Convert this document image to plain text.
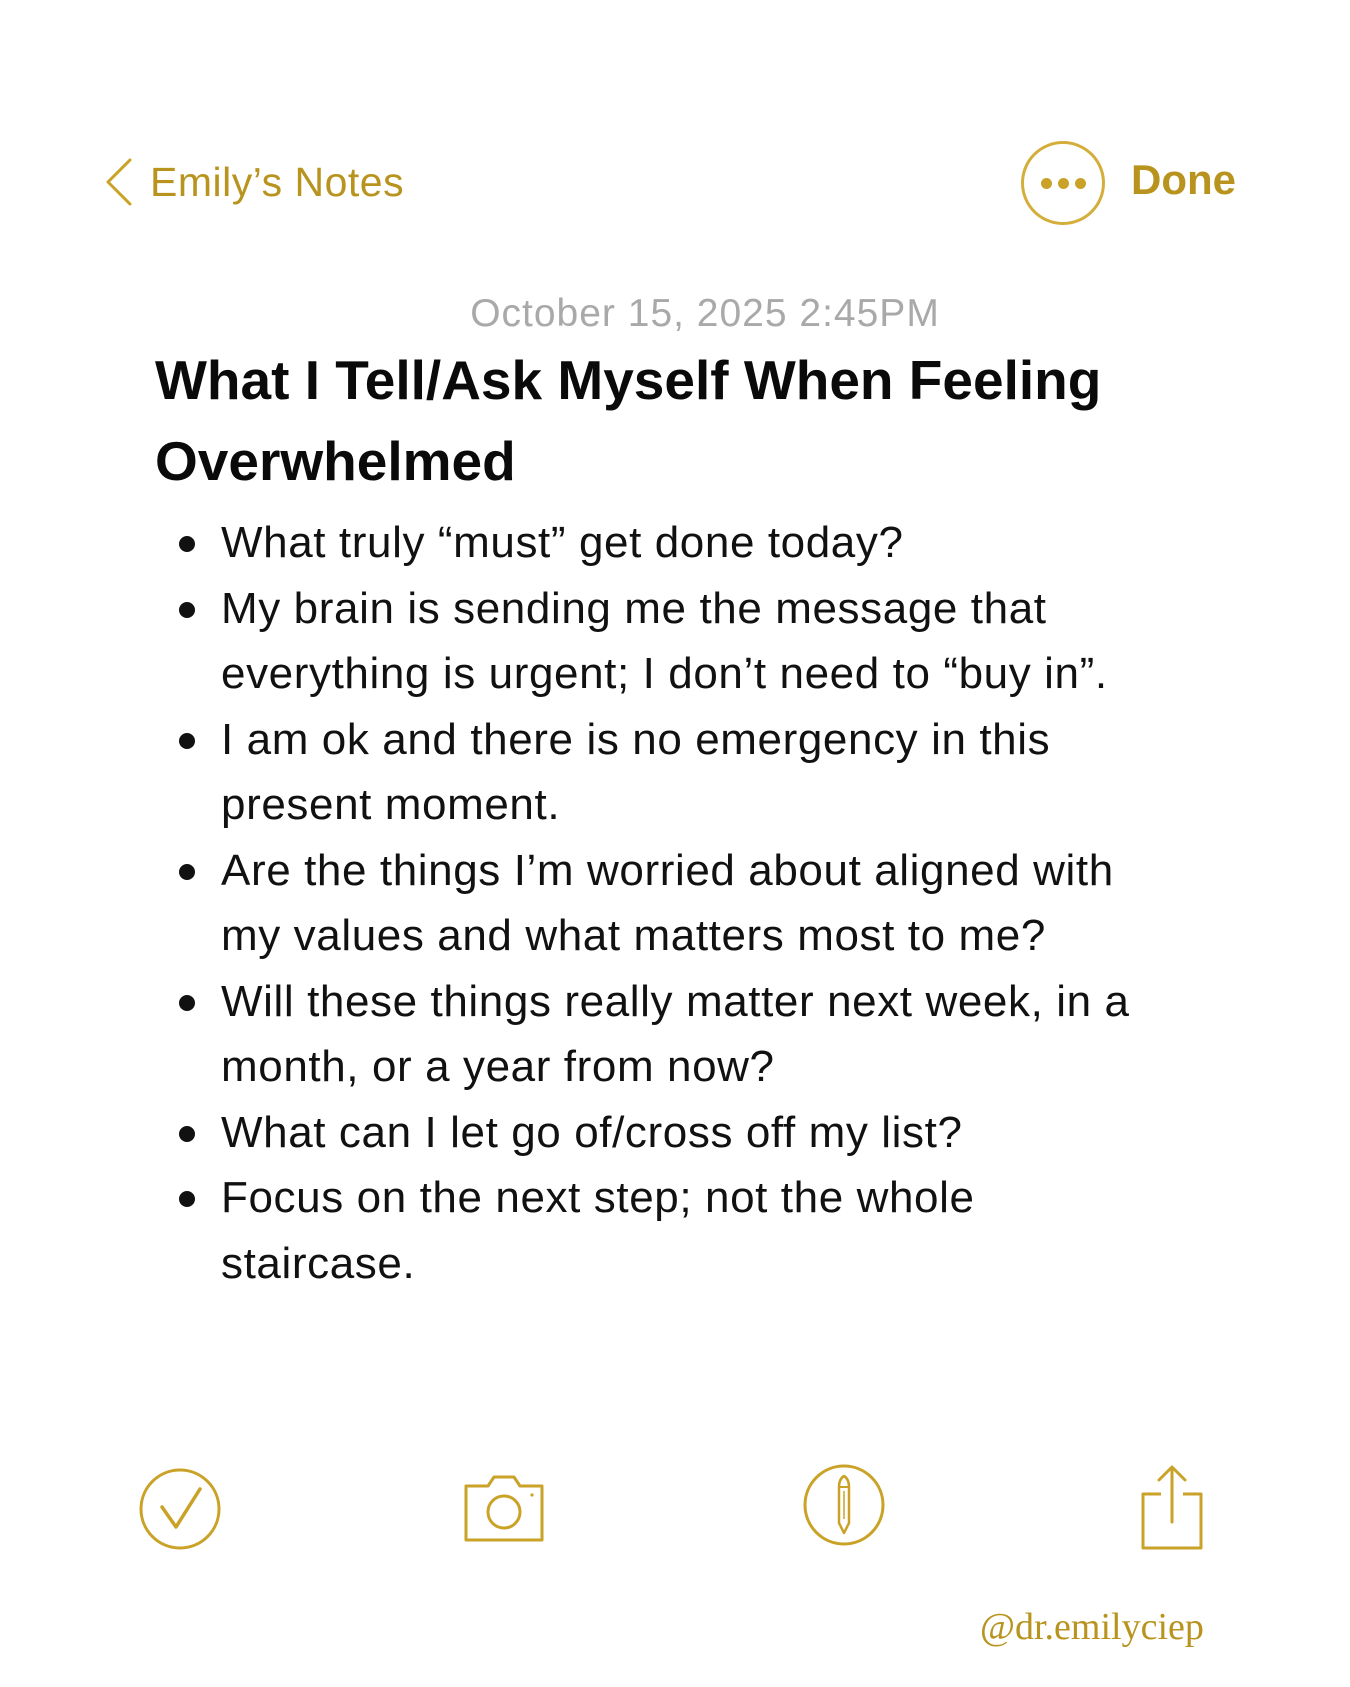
Emily’s Notes	Done
October 15, 2025 2:45PM
What I Tell/Ask Myself When Feeling Overwhelmed
What truly “must” get done today?
My brain is sending me the message that everything is urgent; I don’t need to “buy in”.
I am ok and there is no emergency in this present moment.
Are the things I’m worried about aligned with my values and what matters most to me?
Will these things really matter next week, in a month, or a year from now?
What can I let go of/cross off my list?
Focus on the next step; not the whole staircase.
@dr.emilyciep
